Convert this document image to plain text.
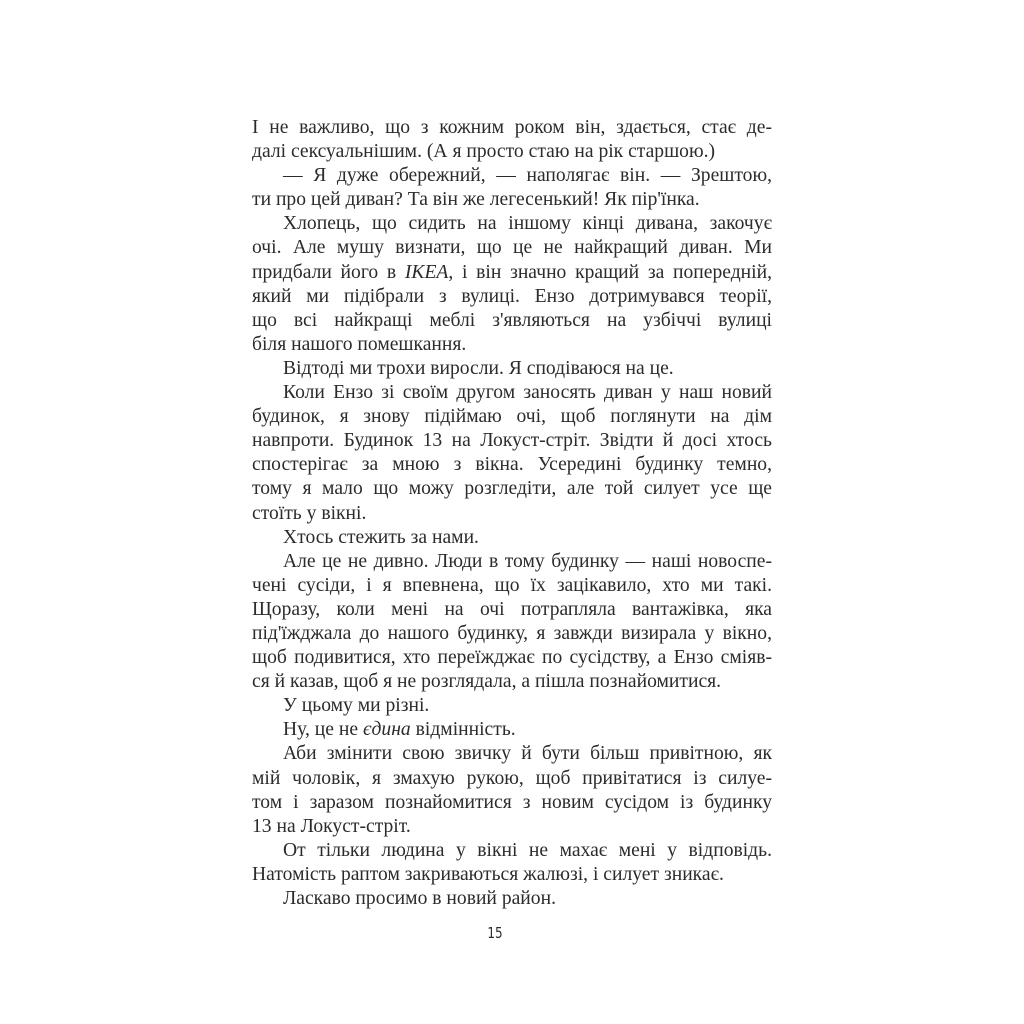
І не важливо, що з кожним роком він, здається, стає де-
далі сексуальнішим. (А я просто стаю на рік старшою.)
— Я дуже обережний, — наполягає він. — Зрештою,
ти про цей диван? Та він же легесенький! Як пір'їнка.
Хлопець, що сидить на іншому кінці дивана, закочує
очі. Але мушу визнати, що це не найкращий диван. Ми
придбали його в IKEA, і він значно кращий за попередній,
який ми підібрали з вулиці. Ензо дотримувався теорії,
що всі найкращі меблі з'являються на узбіччі вулиці
біля нашого помешкання.
Відтоді ми трохи виросли. Я сподіваюся на це.
Коли Ензо зі своїм другом заносять диван у наш новий
будинок, я знову підіймаю очі, щоб поглянути на дім
навпроти. Будинок 13 на Локуст-стріт. Звідти й досі хтось
спостерігає за мною з вікна. Усередині будинку темно,
тому я мало що можу розгледіти, але той силует усе ще
стоїть у вікні.
Хтось стежить за нами.
Але це не дивно. Люди в тому будинку — наші новоспе-
чені сусіди, і я впевнена, що їх зацікавило, хто ми такі.
Щоразу, коли мені на очі потрапляла вантажівка, яка
під'їжджала до нашого будинку, я завжди визирала у вікно,
щоб подивитися, хто переїжджає по сусідству, а Ензо сміяв-
ся й казав, щоб я не розглядала, а пішла познайомитися.
У цьому ми різні.
Ну, це не єдина відмінність.
Аби змінити свою звичку й бути більш привітною, як
мій чоловік, я змахую рукою, щоб привітатися із силуе-
том і заразом познайомитися з новим сусідом із будинку
13 на Локуст-стріт.
От тільки людина у вікні не махає мені у відповідь.
Натомість раптом закриваються жалюзі, і силует зникає.
Ласкаво просимо в новий район.
15
